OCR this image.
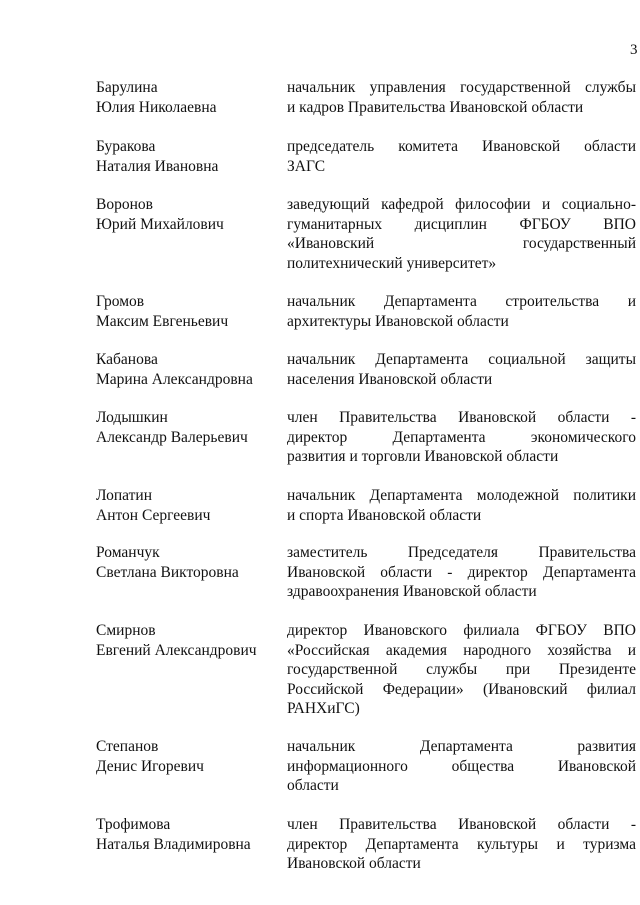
3
Барулина
Юлия Николаевна
начальник управления государственной службы
и кадров Правительства Ивановской области
Буракова
Наталия Ивановна
председатель комитета Ивановской области
ЗАГС
Воронов
Юрий Михайлович
заведующий кафедрой философии и социально-
гуманитарных дисциплин ФГБОУ ВПО
«Ивановский государственный
политехнический университет»
Громов
Максим Евгеньевич
начальник Департамента строительства и
архитектуры Ивановской области
Кабанова
Марина Александровна
начальник Департамента социальной защиты
населения Ивановской области
Лодышкин
Александр Валерьевич
член Правительства Ивановской области -
директор Департамента экономического
развития и торговли Ивановской области
Лопатин
Антон Сергеевич
начальник Департамента молодежной политики
и спорта Ивановской области
Романчук
Светлана Викторовна
заместитель Председателя Правительства
Ивановской области - директор Департамента
здравоохранения Ивановской области
Смирнов
Евгений Александрович
директор Ивановского филиала ФГБОУ ВПО
«Российская академия народного хозяйства и
государственной службы при Президенте
Российской Федерации» (Ивановский филиал
РАНХиГС)
Степанов
Денис Игоревич
начальник Департамента развития
информационного общества Ивановской
области
Трофимова
Наталья Владимировна
член Правительства Ивановской области -
директор Департамента культуры и туризма
Ивановской области
